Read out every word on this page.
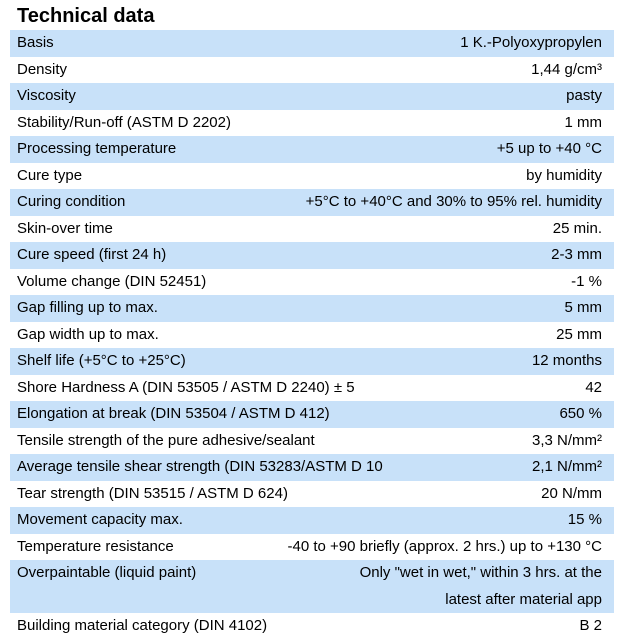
Technical data
Basis	1 K.-Polyoxypropylen
Density	1,44 g/cm³
Viscosity	pasty
Stability/Run-off (ASTM D 2202)	1 mm
Processing temperature	+5 up to +40 °C
Cure type	by humidity
Curing condition	+5°C to +40°C and 30% to 95% rel. humidity
Skin-over time	25 min.
Cure speed (first 24 h)	2-3 mm
Volume change (DIN 52451)	-1 %
Gap filling up to max.	5 mm
Gap width up to max.	25 mm
Shelf life (+5°C to +25°C)	12 months
Shore Hardness A (DIN 53505 / ASTM D 2240) ± 5	42
Elongation at break (DIN 53504 / ASTM D 412)	650 %
Tensile strength of the pure adhesive/sealant	3,3 N/mm²
Average tensile shear strength (DIN 53283/ASTM D 10	2,1 N/mm²
Tear strength (DIN 53515 / ASTM D 624)	20 N/mm
Movement capacity max.	15 %
Temperature resistance	-40 to +90 briefly (approx. 2 hrs.) up to +130 °C
Overpaintable (liquid paint)	Only "wet in wet," within 3 hrs. at the
latest after material app
Building material category (DIN 4102)	B 2
